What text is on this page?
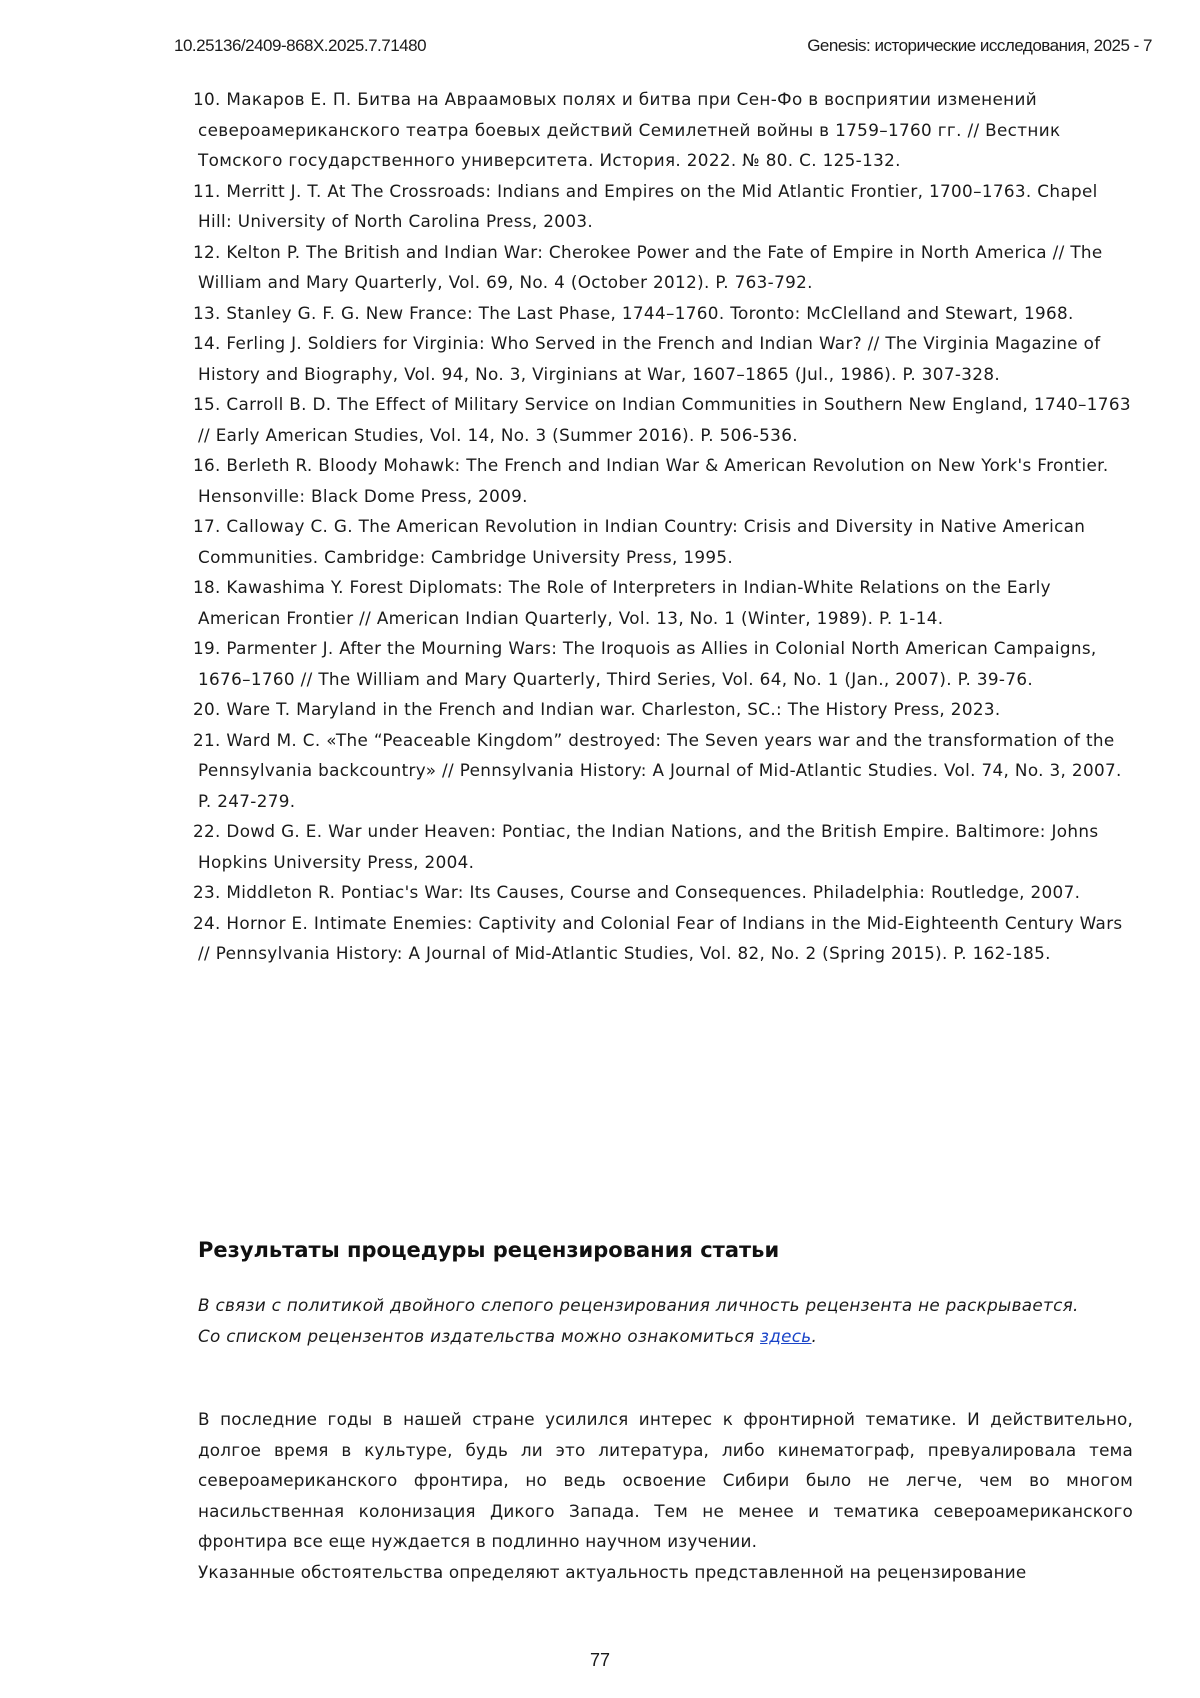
10.25136/2409-868X.2025.7.71480	Genesis: исторические исследования, 2025 - 7

10. Макаров Е. П. Битва на Авраамовых полях и битва при Сен-Фо в восприятии изменений североамериканского театра боевых действий Семилетней войны в 1759–1760 гг. // Вестник Томского государственного университета. История. 2022. № 80. С. 125-132.

11. Merritt J. T. At The Crossroads: Indians and Empires on the Mid Atlantic Frontier, 1700–1763. Chapel Hill: University of North Carolina Press, 2003.

12. Kelton P. The British and Indian War: Cherokee Power and the Fate of Empire in North America // The William and Mary Quarterly, Vol. 69, No. 4 (October 2012). P. 763-792.

13. Stanley G. F. G. New France: The Last Phase, 1744–1760. Toronto: McClelland and Stewart, 1968.

14. Ferling J. Soldiers for Virginia: Who Served in the French and Indian War? // The Virginia Magazine of History and Biography, Vol. 94, No. 3, Virginians at War, 1607–1865 (Jul., 1986). P. 307-328.

15. Carroll B. D. The Effect of Military Service on Indian Communities in Southern New England, 1740–1763 // Early American Studies, Vol. 14, No. 3 (Summer 2016). P. 506-536.

16. Berleth R. Bloody Mohawk: The French and Indian War & American Revolution on New York's Frontier. Hensonville: Black Dome Press, 2009.

17. Calloway C. G. The American Revolution in Indian Country: Crisis and Diversity in Native American Communities. Cambridge: Cambridge University Press, 1995.

18. Kawashima Y. Forest Diplomats: The Role of Interpreters in Indian-White Relations on the Early American Frontier // American Indian Quarterly, Vol. 13, No. 1 (Winter, 1989). P. 1-14.

19. Parmenter J. After the Mourning Wars: The Iroquois as Allies in Colonial North American Campaigns, 1676–1760 // The William and Mary Quarterly, Third Series, Vol. 64, No. 1 (Jan., 2007). P. 39-76.

20. Ware T. Maryland in the French and Indian war. Charleston, SC.: The History Press, 2023.

21. Ward M. C. «The “Peaceable Kingdom” destroyed: The Seven years war and the transformation of the Pennsylvania backcountry» // Pennsylvania History: A Journal of Mid-Atlantic Studies. Vol. 74, No. 3, 2007. P. 247-279.

22. Dowd G. E. War under Heaven: Pontiac, the Indian Nations, and the British Empire. Baltimore: Johns Hopkins University Press, 2004.

23. Middleton R. Pontiac's War: Its Causes, Course and Consequences. Philadelphia: Routledge, 2007.

24. Hornor E. Intimate Enemies: Captivity and Colonial Fear of Indians in the Mid-Eighteenth Century Wars // Pennsylvania History: A Journal of Mid-Atlantic Studies, Vol. 82, No. 2 (Spring 2015). P. 162-185.

Результаты процедуры рецензирования статьи

В связи с политикой двойного слепого рецензирования личность рецензента не раскрывается.

Со списком рецензентов издательства можно ознакомиться здесь.

В последние годы в нашей стране усилился интерес к фронтирной тематике. И действительно, долгое время в культуре, будь ли это литература, либо кинематограф, превуалировала тема североамериканского фронтира, но ведь освоение Сибири было не легче, чем во многом насильственная колонизация Дикого Запада. Тем не менее и тематика североамериканского фронтира все еще нуждается в подлинно научном изучении.

Указанные обстоятельства определяют актуальность представленной на рецензирование

77
